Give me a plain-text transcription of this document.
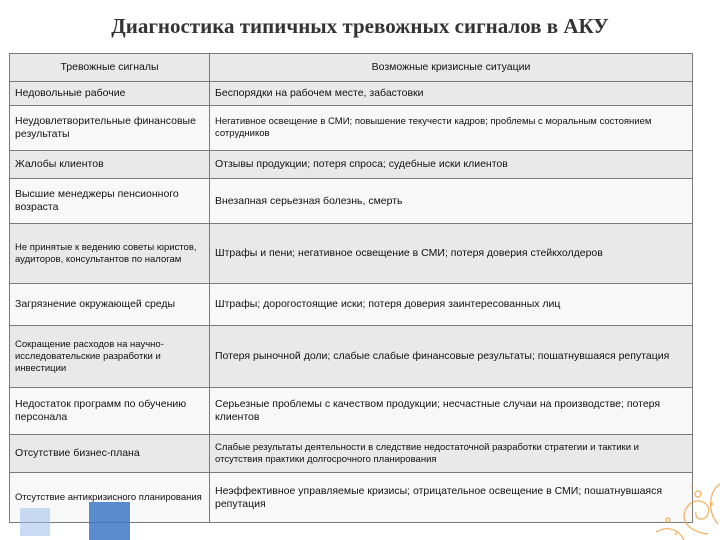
Диагностика типичных тревожных сигналов в АКУ
Тревожные сигналы	Возможные кризисные ситуации
Недовольные рабочие	Беспорядки на рабочем месте, забастовки
Неудовлетворительные финансовые результаты	Негативное освещение в СМИ; повышение текучести кадров; проблемы с моральным состоянием сотрудников
Жалобы клиентов	Отзывы продукции; потеря спроса; судебные иски клиентов
Высшие менеджеры пенсионного возраста	Внезапная серьезная болезнь, смерть
Не принятые к ведению советы юристов, аудиторов, консультантов по налогам	Штрафы и пени; негативное освещение в СМИ; потеря доверия стейкхолдеров
Загрязнение окружающей среды	Штрафы; дорогостоящие иски; потеря доверия заинтересованных лиц
Сокращение расходов на научно-исследовательские разработки и инвестиции	Потеря рыночной доли; слабые слабые финансовые результаты; пошатнувшаяся репутация
Недостаток программ по обучению персонала	Серьезные проблемы с качеством продукции; несчастные случаи на производстве; потеря клиентов
Отсутствие бизнес-плана	Слабые результаты деятельности в следствие недостаточной разработки стратегии и тактики и отсутствия практики долгосрочного планирования
Отсутствие антикризисного планирования	Неэффективное управляемые кризисы; отрицательное освещение в СМИ; пошатнувшаяся репутация
